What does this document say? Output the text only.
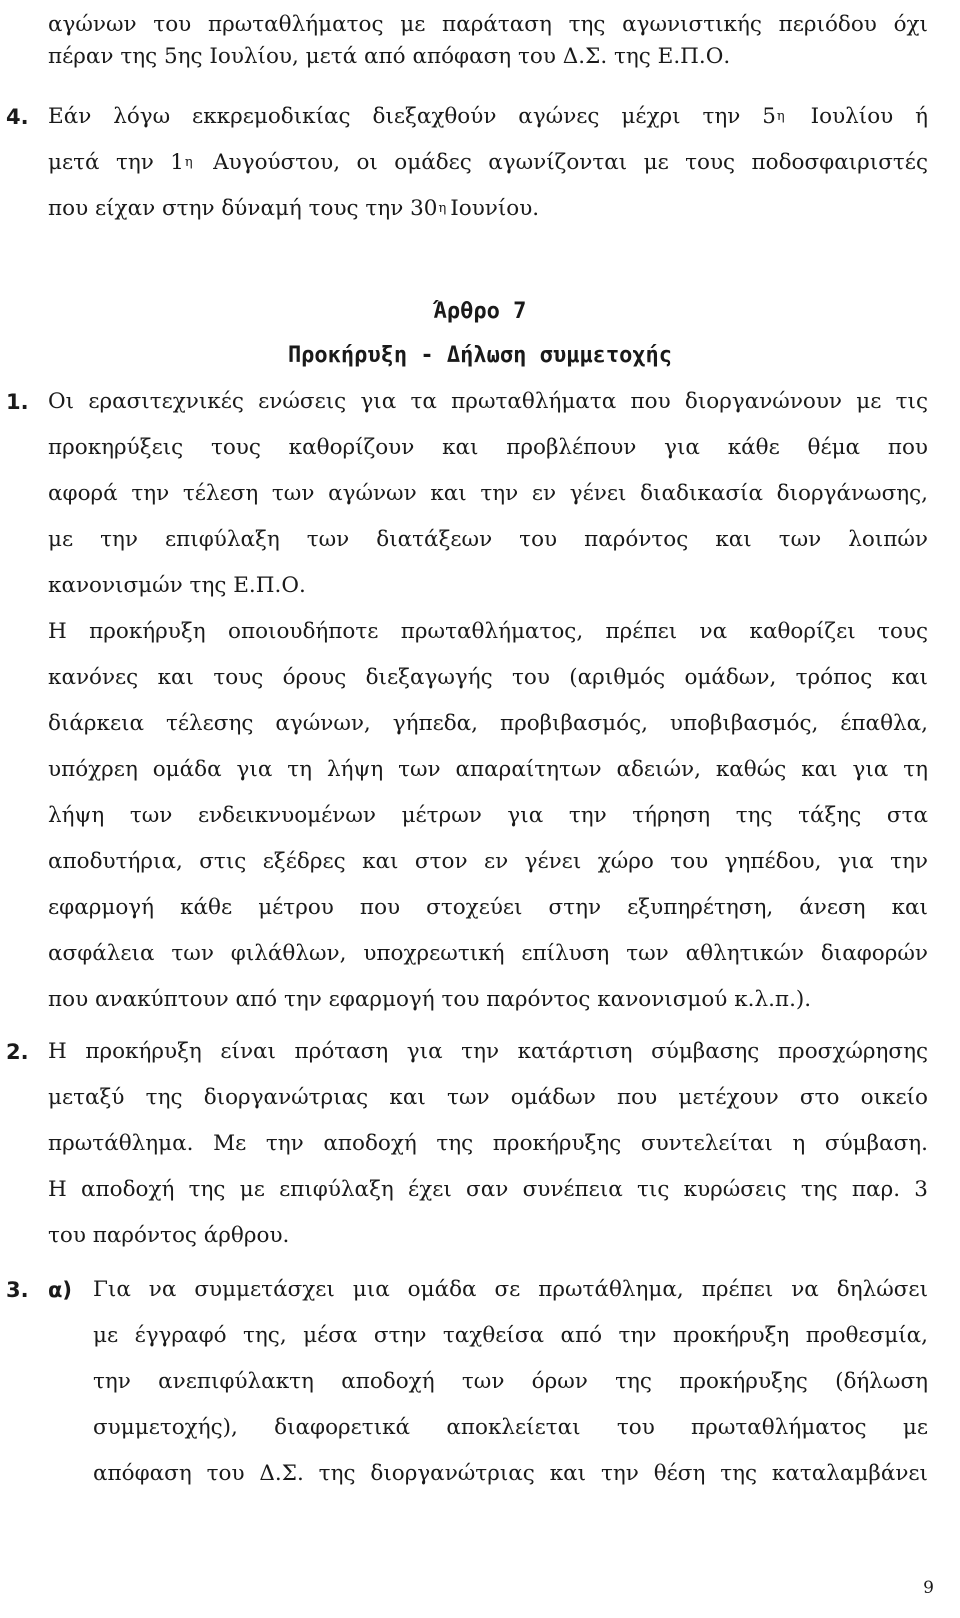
αγώνων του πρωταθλήματος με παράταση της αγωνιστικής περιόδου όχι
πέραν της 5ης Ιουλίου, μετά από απόφαση του Δ.Σ. της Ε.Π.Ο.
4. Εάν λόγω εκκρεμοδικίας διεξαχθούν αγώνες μέχρι την $5^\eta$ Ιουλίου ή
μετά την $1^\eta$ Αυγούστου, οι ομάδες αγωνίζονται με τους ποδοσφαιριστές
που είχαν στην δύναμή τους την $30^\eta$ Ιουνίου.
Άρθρο 7
Προκήρυξη - Δήλωση συμμετοχής
1. Οι ερασιτεχνικές ενώσεις για τα πρωταθλήματα που διοργανώνουν με τις
προκηρύξεις τους καθορίζουν και προβλέπουν για κάθε θέμα που
αφορά την τέλεση των αγώνων και την εν γένει διαδικασία διοργάνωσης,
με την επιφύλαξη των διατάξεων του παρόντος και των λοιπών
κανονισμών της Ε.Π.Ο.
Η προκήρυξη οποιουδήποτε πρωταθλήματος, πρέπει να καθορίζει τους
κανόνες και τους όρους διεξαγωγής του (αριθμός ομάδων, τρόπος και
διάρκεια τέλεσης αγώνων, γήπεδα, προβιβασμός, υποβιβασμός, έπαθλα,
υπόχρεη ομάδα για τη λήψη των απαραίτητων αδειών, καθώς και για τη
λήψη των ενδεικνυομένων μέτρων για την τήρηση της τάξης στα
αποδυτήρια, στις εξέδρες και στον εν γένει χώρο του γηπέδου, για την
εφαρμογή κάθε μέτρου που στοχεύει στην εξυπηρέτηση, άνεση και
ασφάλεια των φιλάθλων, υποχρεωτική επίλυση των αθλητικών διαφορών
που ανακύπτουν από την εφαρμογή του παρόντος κανονισμού κ.λ.π.).
2. Η προκήρυξη είναι πρόταση για την κατάρτιση σύμβασης προσχώρησης
μεταξύ της διοργανώτριας και των ομάδων που μετέχουν στο οικείο
πρωτάθλημα. Με την αποδοχή της προκήρυξης συντελείται η σύμβαση.
Η αποδοχή της με επιφύλαξη έχει σαν συνέπεια τις κυρώσεις της παρ. 3
του παρόντος άρθρου.
3. α) Για να συμμετάσχει μια ομάδα σε πρωτάθλημα, πρέπει να δηλώσει
με έγγραφό της, μέσα στην ταχθείσα από την προκήρυξη προθεσμία,
την ανεπιφύλακτη αποδοχή των όρων της προκήρυξης (δήλωση
συμμετοχής), διαφορετικά αποκλείεται του πρωταθλήματος με
απόφαση του Δ.Σ. της διοργανώτριας και την θέση της καταλαμβάνει
9
